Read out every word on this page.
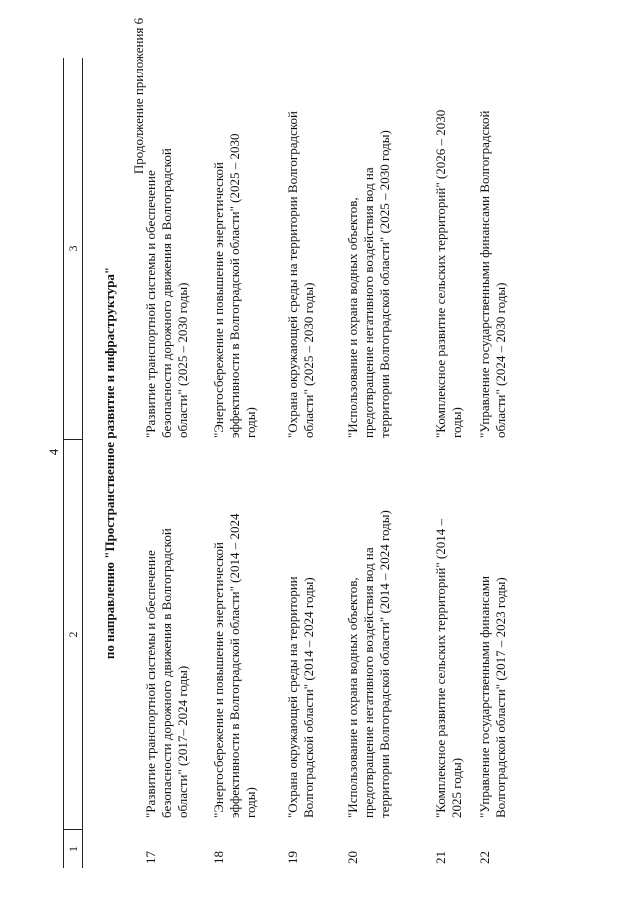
4
Продолжение приложения 6
1
2
3
по направлению "Пространственное развитие и инфраструктура"
17
"Развитие транспортной системы и обеспечение безопасности дорожного движения в Волгоградской области" (2017– 2024 годы)
"Развитие транспортной системы и обеспечение безопасности дорожного движения в Волгоградской области" (2025 – 2030 годы)
18
"Энергосбережение и повышение энергетической эффективности в Волгоградской области" (2014 – 2024 годы)
"Энергосбережение и повышение энергетической эффективности в Волгоградской области" (2025 – 2030 годы)
19
"Охрана окружающей среды на территории Волгоградской области" (2014 – 2024 годы)
"Охрана окружающей среды на территории Волгоградской области" (2025 – 2030 годы)
20
"Использование и охрана водных объектов, предотвращение негативного воздействия вод на территории Волгоградской области" (2014 – 2024 годы)
"Использование и охрана водных объектов, предотвращение негативного воздействия вод на территории Волгоградской области" (2025 – 2030 годы)
21
"Комплексное развитие сельских территорий" (2014 – 2025 годы)
"Комплексное развитие сельских территорий" (2026 – 2030 годы)
22
"Управление государственными финансами Волгоградской области" (2017 – 2023 годы)
"Управление государственными финансами Волгоградской области" (2024 – 2030 годы)
